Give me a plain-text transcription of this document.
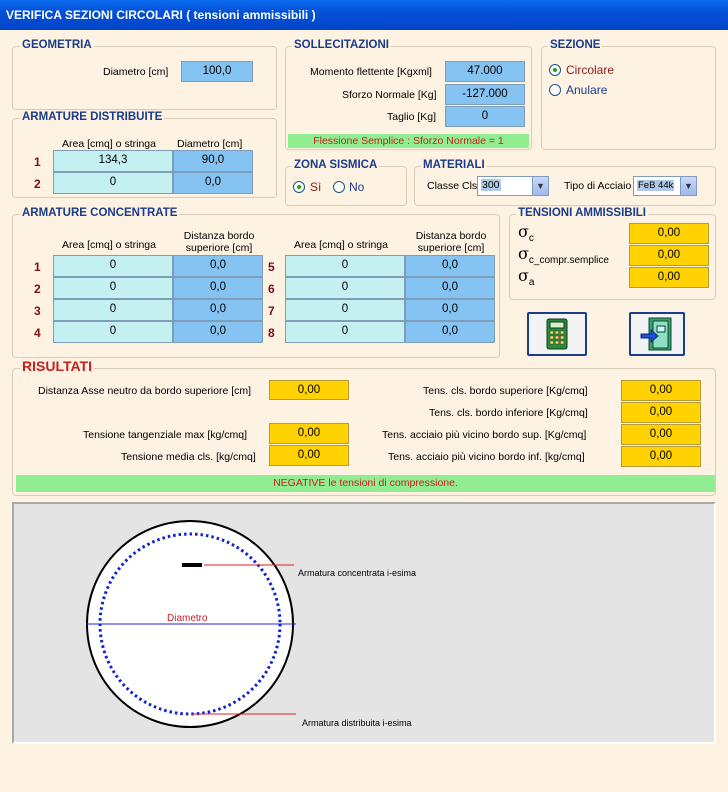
VERIFICA SEZIONI CIRCOLARI ( tensioni ammissibili )
GEOMETRIA
Diametro [cm]	100,0
SOLLECITAZIONI
Momento flettente [Kgxml]	47.000
Sforzo Normale [Kg]	-127.000
Taglio [Kg]	0
Flessione Semplice : Sforzo Normale = 1
SEZIONE
Circolare
Anulare
ARMATURE DISTRIBUITE
Area [cmq] o stringa Diametro [cm]
1	134,3	90,0
2	0	0,0
ZONA SISMICA
Sì No
MATERIALI
Classe Cls 300	▼ Tipo di Acciaio FeB 44k	▼
ARMATURE CONCENTRATE
Area [cmq] o stringa
Distanza bordo superiore [cm]	Area [cmq] o stringa
Distanza bordo superiore [cm]
1	0	0,0
2	0	0,0
3	0	0,0
4	0	0,0
5	0	0,0
6	0	0,0
7	0	0,0
8	0	0,0
TENSIONI AMMISSIBILI
$\sigma_c$	0,00
$\sigma_{c\_compr.semplice}$	0,00
$\sigma_a$	0,00
RISULTATI
Distanza Asse neutro da bordo superiore [cm]	0,00
Tensione tangenziale max [kg/cmq]	0,00
Tensione media cls. [kg/cmq]	0,00
Tens. cls. bordo superiore [Kg/cmq]	0,00
Tens. cls. bordo inferiore [Kg/cmq]	0,00
Tens. acciaio più vicino bordo sup. [Kg/cmq]	0,00
Tens. acciaio più vicino bordo inf. [kg/cmq]	0,00
NEGATIVE le tensioni di compressione.
Armatura concentrata i-esima
Diametro
Armatura distribuita i-esima
